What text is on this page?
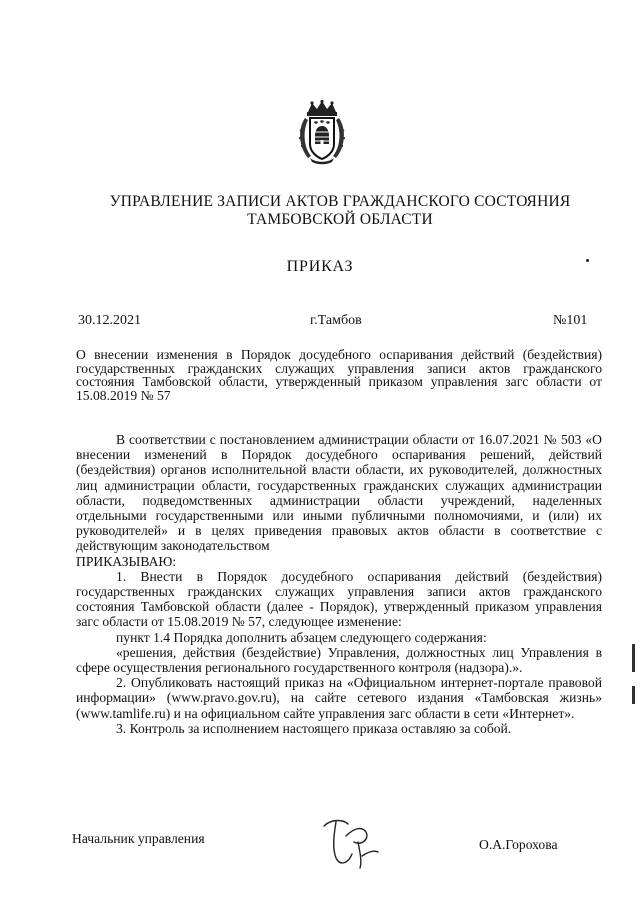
УПРАВЛЕНИЕ ЗАПИСИ АКТОВ ГРАЖДАНСКОГО СОСТОЯНИЯ
ТАМБОВСКОЙ ОБЛАСТИ
ПРИКАЗ
30.12.2021	г.Тамбов	№101
О внесении изменения в Порядок досудебного оспаривания действий (бездействия) государственных гражданских служащих управления записи актов гражданского состояния Тамбовской области, утвержденный приказом управления загс области от 15.08.2019 № 57

В соответствии с постановлением администрации области от 16.07.2021 № 503 «О внесении изменений в Порядок досудебного оспаривания решений, действий (бездействия) органов исполнительной власти области, их руководителей, должностных лиц администрации области, государственных гражданских служащих администрации области, подведомственных администрации области учреждений, наделенных отдельными государственными или иными публичными полномочиями, и (или) их руководителей» и в целях приведения правовых актов области в соответствие с действующим законодательством

ПРИКАЗЫВАЮ:

1. Внести в Порядок досудебного оспаривания действий (бездействия) государственных гражданских служащих управления записи актов гражданского состояния Тамбовской области (далее - Порядок), утвержденный приказом управления загс области от 15.08.2019 № 57, следующее изменение:

пункт 1.4 Порядка дополнить абзацем следующего содержания:

«решения, действия (бездействие) Управления, должностных лиц Управления в сфере осуществления регионального государственного контроля (надзора).».

2. Опубликовать настоящий приказ на «Официальном интернет-портале правовой информации» (www.pravo.gov.ru), на сайте сетевого издания «Тамбовская жизнь» (www.tamlife.ru) и на официальном сайте управления загс области в сети «Интернет».

3. Контроль за исполнением настоящего приказа оставляю за собой.

Начальник управления	О.А.Горохова
